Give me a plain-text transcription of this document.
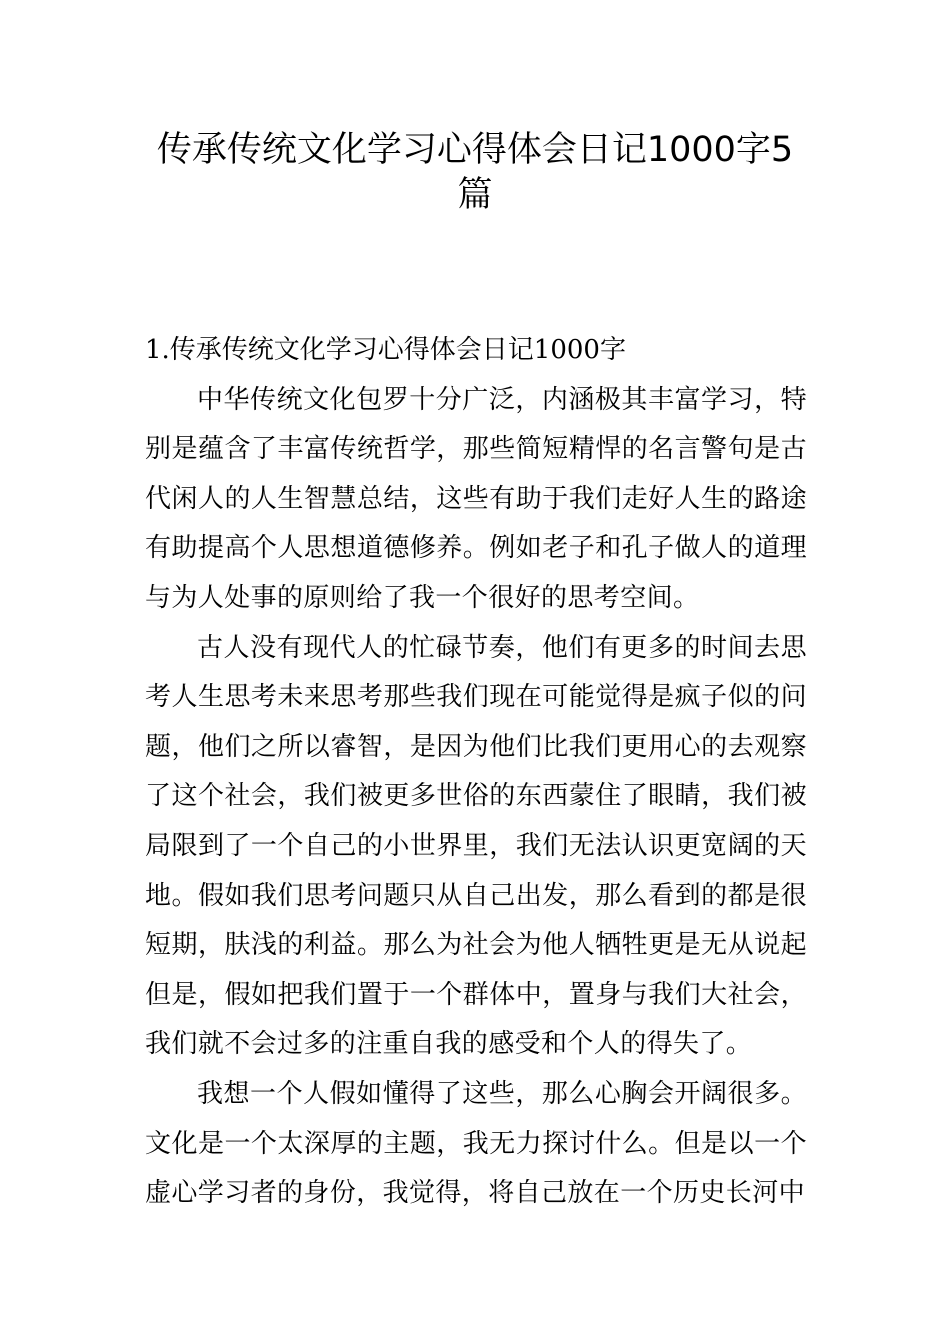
传承传统文化学习心得体会日记1000字5篇
1.传承传统文化学习心得体会日记1000字

中华传统文化包罗十分广泛，内涵极其丰富学习，特别是蕴含了丰富传统哲学，那些简短精悍的名言警句是古代闲人的人生智慧总结，这些有助于我们走好人生的路途有助提高个人思想道德修养。例如老子和孔子做人的道理与为人处事的原则给了我一个很好的思考空间。

古人没有现代人的忙碌节奏，他们有更多的时间去思考人生思考未来思考那些我们现在可能觉得是疯子似的问题，他们之所以睿智，是因为他们比我们更用心的去观察了这个社会，我们被更多世俗的东西蒙住了眼睛，我们被局限到了一个自己的小世界里，我们无法认识更宽阔的天地。假如我们思考问题只从自己出发，那么看到的都是很短期，肤浅的利益。那么为社会为他人牺牲更是无从说起但是，假如把我们置于一个群体中，置身与我们大社会，我们就不会过多的注重自我的感受和个人的得失了。

我想一个人假如懂得了这些，那么心胸会开阔很多。文化是一个太深厚的主题，我无力探讨什么。但是以一个虚心学习者的身份，我觉得，将自己放在一个历史长河中
